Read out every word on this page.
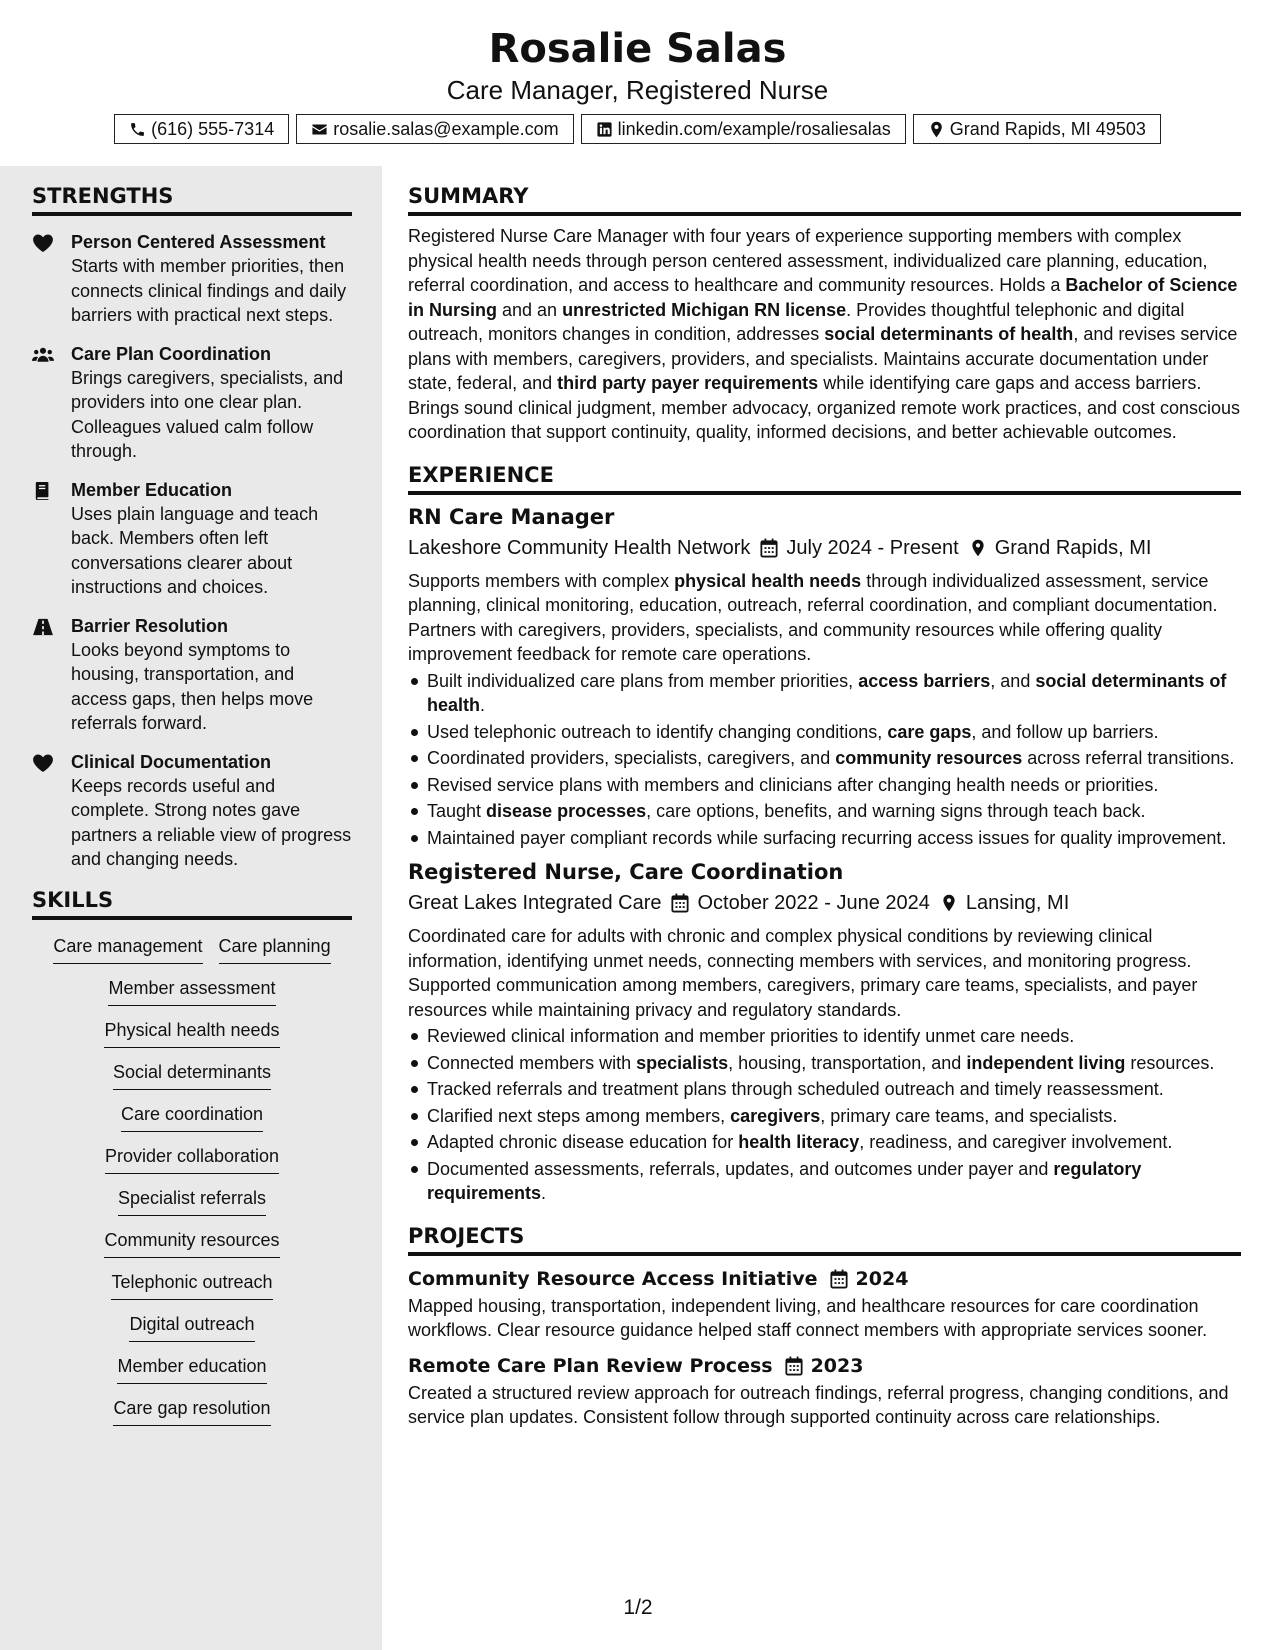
Rosalie Salas
Care Manager, Registered Nurse
(616) 555-7314	rosalie.salas@example.com	linkedin.com/example/rosaliesalas	Grand Rapids, MI 49503
STRENGTHS
Person Centered Assessment
Starts with member priorities, then connects clinical findings and daily barriers with practical next steps.
Care Plan Coordination
Brings caregivers, specialists, and providers into one clear plan. Colleagues valued calm follow through.
Member Education
Uses plain language and teach back. Members often left conversations clearer about instructions and choices.
Barrier Resolution
Looks beyond symptoms to housing, transportation, and access gaps, then helps move referrals forward.
Clinical Documentation
Keeps records useful and complete. Strong notes gave partners a reliable view of progress and changing needs.
SKILLS
Care management Care planning
Member assessment
Physical health needs
Social determinants
Care coordination
Provider collaboration
Specialist referrals
Community resources
Telephonic outreach
Digital outreach
Member education
Care gap resolution
SUMMARY
Registered Nurse Care Manager with four years of experience supporting members with complex physical health needs through person centered assessment, individualized care planning, education, referral coordination, and access to healthcare and community resources. Holds a Bachelor of Science in Nursing and an unrestricted Michigan RN license. Provides thoughtful telephonic and digital outreach, monitors changes in condition, addresses social determinants of health, and revises service plans with members, caregivers, providers, and specialists. Maintains accurate documentation under state, federal, and third party payer requirements while identifying care gaps and access barriers. Brings sound clinical judgment, member advocacy, organized remote work practices, and cost conscious coordination that support continuity, quality, informed decisions, and better achievable outcomes.
EXPERIENCE
RN Care Manager
Lakeshore Community Health Network July 2024 - Present Grand Rapids, MI
Supports members with complex physical health needs through individualized assessment, service planning, clinical monitoring, education, outreach, referral coordination, and compliant documentation. Partners with caregivers, providers, specialists, and community resources while offering quality improvement feedback for remote care operations.
Built individualized care plans from member priorities, access barriers, and social determinants of health.
Used telephonic outreach to identify changing conditions, care gaps, and follow up barriers.
Coordinated providers, specialists, caregivers, and community resources across referral transitions.
Revised service plans with members and clinicians after changing health needs or priorities.
Taught disease processes, care options, benefits, and warning signs through teach back.
Maintained payer compliant records while surfacing recurring access issues for quality improvement.
Registered Nurse, Care Coordination
Great Lakes Integrated Care October 2022 - June 2024 Lansing, MI
Coordinated care for adults with chronic and complex physical conditions by reviewing clinical information, identifying unmet needs, connecting members with services, and monitoring progress. Supported communication among members, caregivers, primary care teams, specialists, and payer resources while maintaining privacy and regulatory standards.
Reviewed clinical information and member priorities to identify unmet care needs.
Connected members with specialists, housing, transportation, and independent living resources.
Tracked referrals and treatment plans through scheduled outreach and timely reassessment.
Clarified next steps among members, caregivers, primary care teams, and specialists.
Adapted chronic disease education for health literacy, readiness, and caregiver involvement.
Documented assessments, referrals, updates, and outcomes under payer and regulatory requirements.
PROJECTS
Community Resource Access Initiative 2024
Mapped housing, transportation, independent living, and healthcare resources for care coordination workflows. Clear resource guidance helped staff connect members with appropriate services sooner.
Remote Care Plan Review Process 2023
Created a structured review approach for outreach findings, referral progress, changing conditions, and service plan updates. Consistent follow through supported continuity across care relationships.
1/2
